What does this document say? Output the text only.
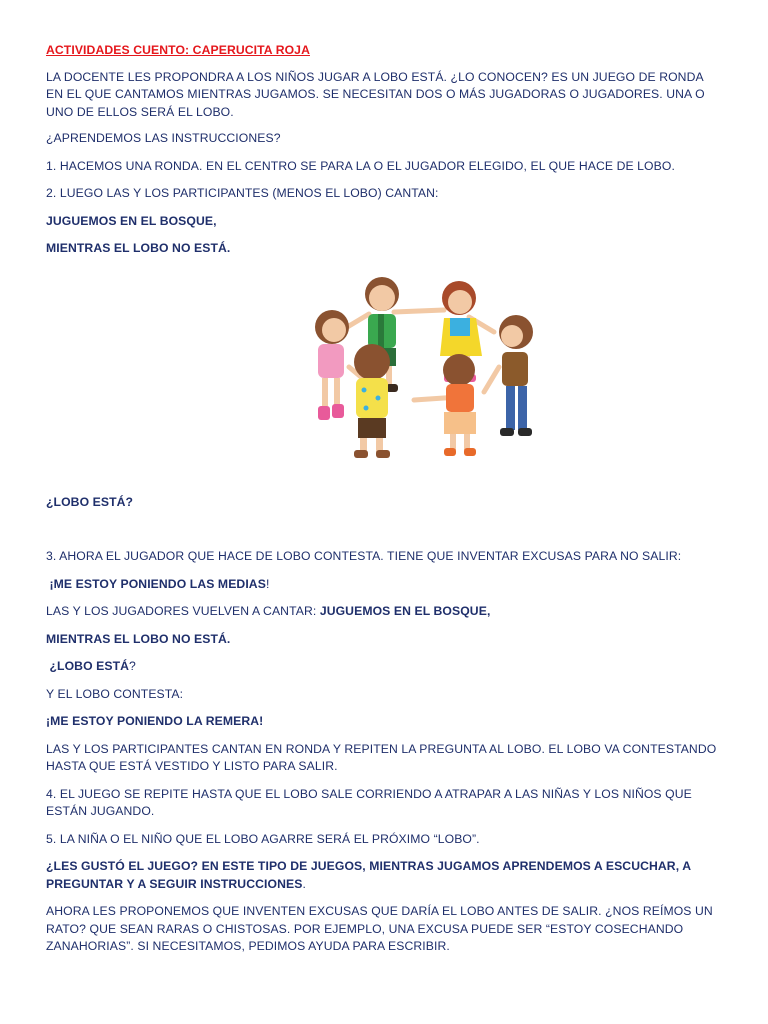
ACTIVIDADES CUENTO: CAPERUCITA ROJA

LA DOCENTE LES PROPONDRA A LOS NIÑOS JUGAR A LOBO ESTÁ. ¿LO CONOCEN? ES UN JUEGO DE RONDA EN EL QUE CANTAMOS MIENTRAS JUGAMOS. SE NECESITAN DOS O MÁS JUGADORAS O JUGADORES. UNA O UNO DE ELLOS SERÁ EL LOBO.

¿APRENDEMOS LAS INSTRUCCIONES?

1. HACEMOS UNA RONDA. EN EL CENTRO SE PARA LA O EL JUGADOR ELEGIDO, EL QUE HACE DE LOBO.

2. LUEGO LAS Y LOS PARTICIPANTES (MENOS EL LOBO) CANTAN:

JUGUEMOS EN EL BOSQUE,

MIENTRAS EL LOBO NO ESTÁ.

¿LOBO ESTÁ?

3. AHORA EL JUGADOR QUE HACE DE LOBO CONTESTA. TIENE QUE INVENTAR EXCUSAS PARA NO SALIR:

¡ME ESTOY PONIENDO LAS MEDIAS!

LAS Y LOS JUGADORES VUELVEN A CANTAR: JUGUEMOS EN EL BOSQUE,

MIENTRAS EL LOBO NO ESTÁ.

¿LOBO ESTÁ?

Y EL LOBO CONTESTA:

¡ME ESTOY PONIENDO LA REMERA!

LAS Y LOS PARTICIPANTES CANTAN EN RONDA Y REPITEN LA PREGUNTA AL LOBO. EL LOBO VA CONTESTANDO HASTA QUE ESTÁ VESTIDO Y LISTO PARA SALIR.

4. EL JUEGO SE REPITE HASTA QUE EL LOBO SALE CORRIENDO A ATRAPAR A LAS NIÑAS Y LOS NIÑOS QUE ESTÁN JUGANDO.

5. LA NIÑA O EL NIÑO QUE EL LOBO AGARRE SERÁ EL PRÓXIMO “LOBO”.

¿LES GUSTÓ EL JUEGO? EN ESTE TIPO DE JUEGOS, MIENTRAS JUGAMOS APRENDEMOS A ESCUCHAR, A PREGUNTAR Y A SEGUIR INSTRUCCIONES.

AHORA LES PROPONEMOS QUE INVENTEN EXCUSAS QUE DARÍA EL LOBO ANTES DE SALIR. ¿NOS REÍMOS UN RATO? QUE SEAN RARAS O CHISTOSAS. POR EJEMPLO, UNA EXCUSA PUEDE SER “ESTOY COSECHANDO ZANAHORIAS”. SI NECESITAMOS, PEDIMOS AYUDA PARA ESCRIBIR.
